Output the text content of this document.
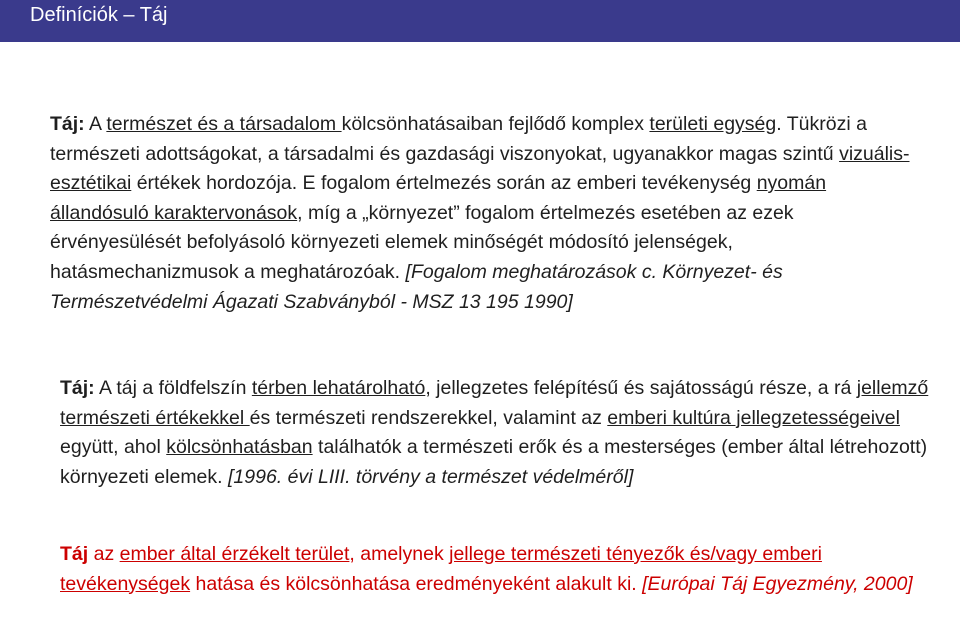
Definíciók – Táj

Táj: A természet és a társadalom kölcsönhatásaiban fejlődő komplex területi egység. Tükrözi a természeti adottságokat, a társadalmi és gazdasági viszonyokat, ugyanakkor magas szintű vizuális-esztétikai értékek hordozója. E fogalom értelmezés során az emberi tevékenység nyomán állandósuló karaktervonások, míg a „környezet” fogalom értelmezés esetében az ezek érvényesülését befolyásoló környezeti elemek minőségét módosító jelenségek, hatásmechanizmusok a meghatározóak. [Fogalom meghatározások c. Környezet- és Természetvédelmi Ágazati Szabványból - MSZ 13 195 1990]

Táj: A táj a földfelszín térben lehatárolható, jellegzetes felépítésű és sajátosságú része, a rá jellemző természeti értékekkel és természeti rendszerekkel, valamint az emberi kultúra jellegzetességeivel együtt, ahol kölcsönhatásban találhatók a természeti erők és a mesterséges (ember által létrehozott) környezeti elemek. [1996. évi LIII. törvény a természet védelméről]

Táj az ember által érzékelt terület, amelynek jellege természeti tényezők és/vagy emberi tevékenységek hatása és kölcsönhatása eredményeként alakult ki. [Európai Táj Egyezmény, 2000]
